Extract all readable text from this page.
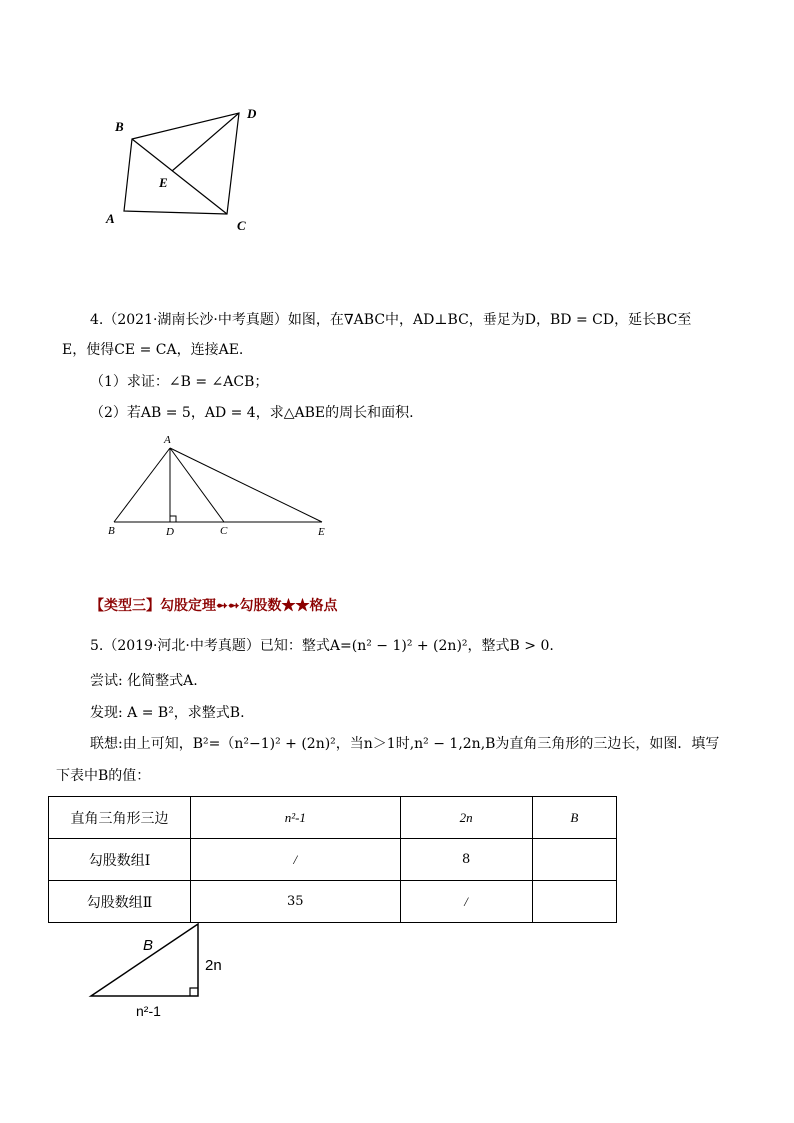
B
D
E
A	C
4.（2021·湖南长沙·中考真题）如图，在∇ABC中，AD⊥BC，垂足为D，BD = CD，延长BC至
E，使得CE = CA，连接AE.
（1）求证：∠B = ∠ACB；
（2）若AB = 5，AD = 4，求△ABE的周长和面积.
A
B	D	C	E
【类型三】勾股定理➻➻勾股数★★格点
5.（2019·河北·中考真题）已知：整式A=(n² − 1)² + (2n)²，整式B > 0.
尝试: 化简整式A.
发现: A = B²，求整式B.
联想:由上可知，B²=（n²−1)² + (2n)²，当n＞1时,n² − 1,2n,B为直角三角形的三边长，如图．填写
下表中B的值：
直角三角形三边	n²-1	2n	B
勾股数组Ⅰ	/	8	
勾股数组Ⅱ	35	/	
B
2n
n²-1
